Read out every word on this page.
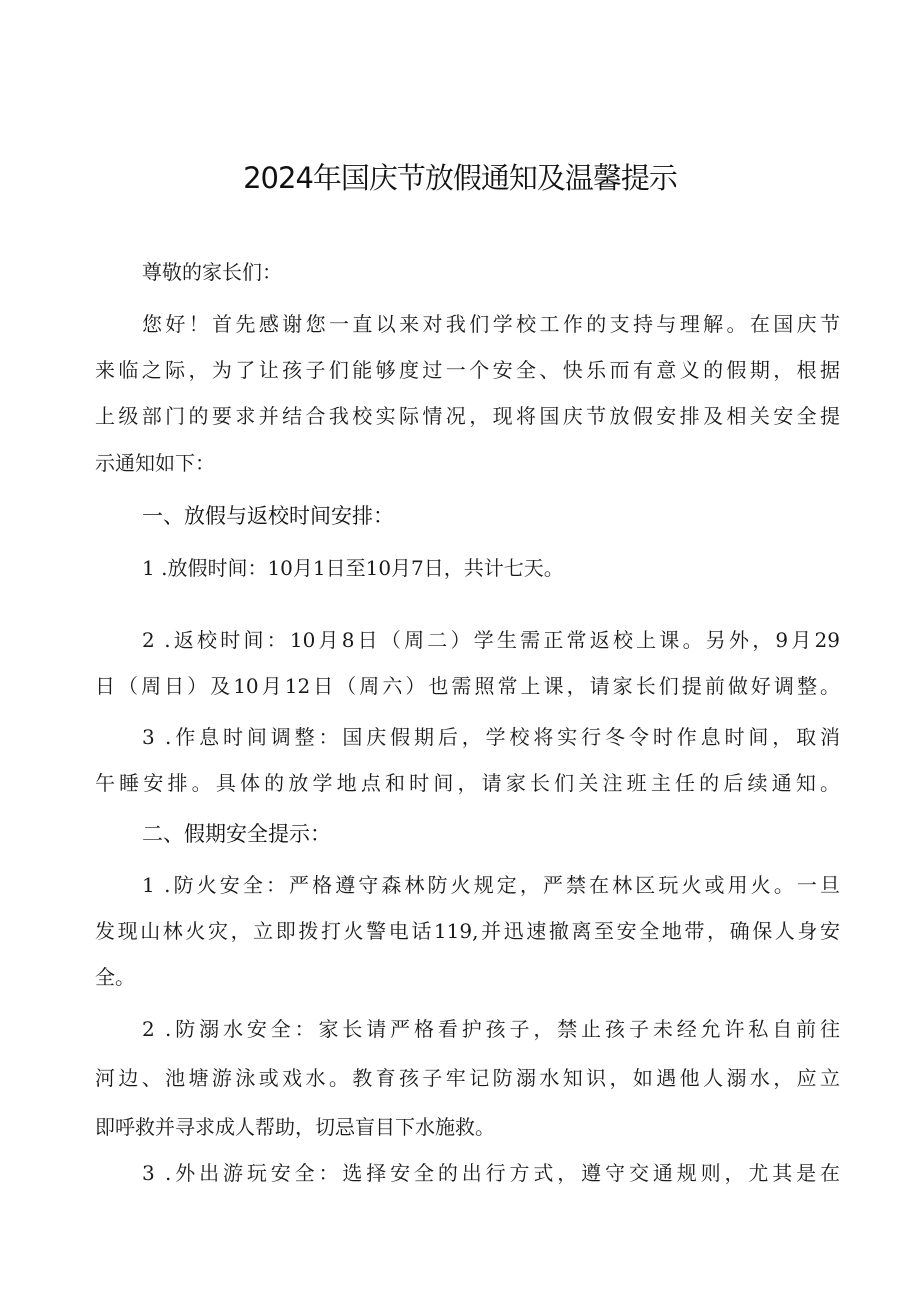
2024年国庆节放假通知及温馨提示
尊敬的家长们：
您好！首先感谢您一直以来对我们学校工作的支持与理解。在国庆节
来临之际，为了让孩子们能够度过一个安全、快乐而有意义的假期，根据
上级部门的要求并结合我校实际情况，现将国庆节放假安排及相关安全提
示通知如下：
一、放假与返校时间安排：
1 .放假时间：10月1日至10月7日，共计七天。
2 .返校时间：10月8日（周二）学生需正常返校上课。另外，9月29
日（周日）及10月12日（周六）也需照常上课，请家长们提前做好调整。
3 .作息时间调整：国庆假期后，学校将实行冬令时作息时间，取消
午睡安排。具体的放学地点和时间，请家长们关注班主任的后续通知。
二、假期安全提示：
1 .防火安全：严格遵守森林防火规定，严禁在林区玩火或用火。一旦
发现山林火灾，立即拨打火警电话119,并迅速撤离至安全地带，确保人身安
全。
2 .防溺水安全：家长请严格看护孩子，禁止孩子未经允许私自前往
河边、池塘游泳或戏水。教育孩子牢记防溺水知识，如遇他人溺水，应立
即呼救并寻求成人帮助，切忌盲目下水施救。
3 .外出游玩安全：选择安全的出行方式，遵守交通规则，尤其是在
